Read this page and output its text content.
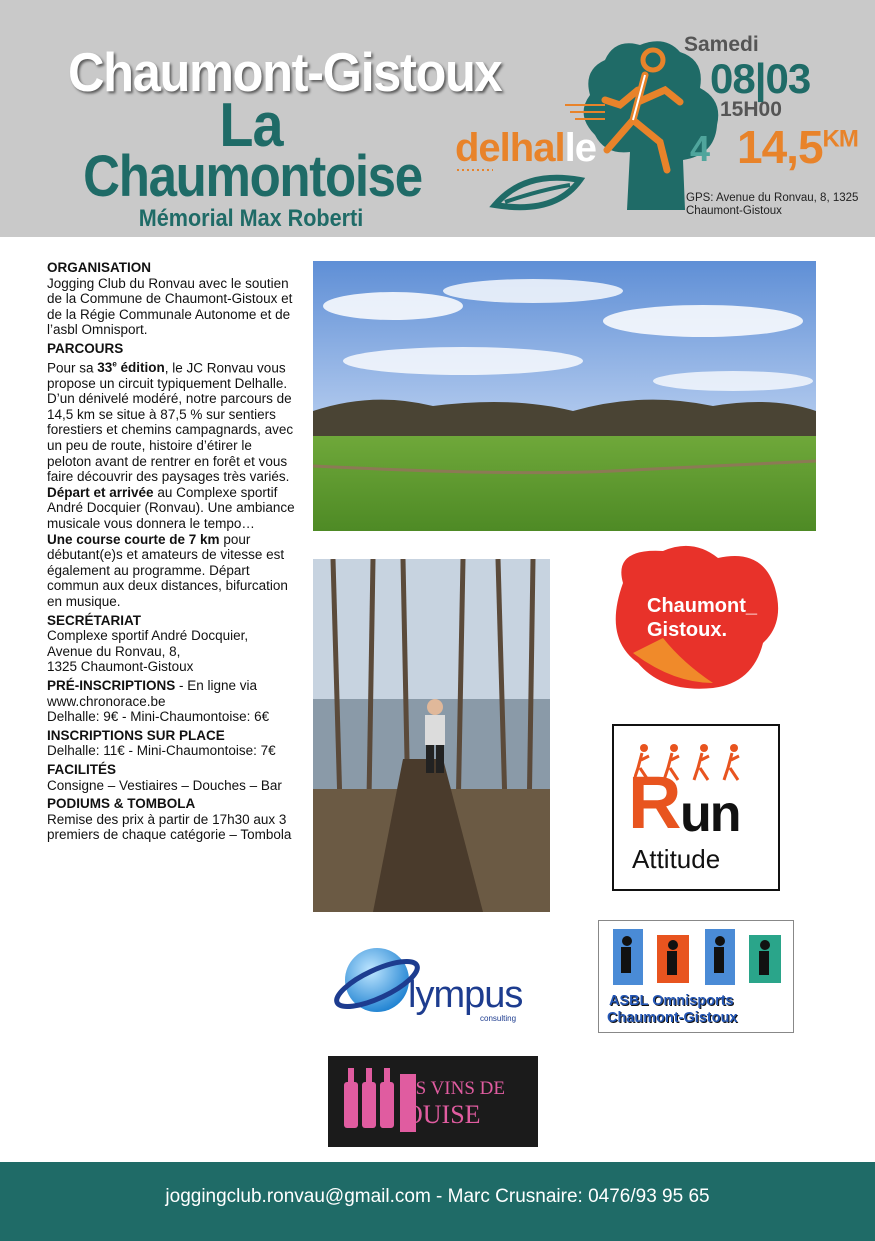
Chaumont-Gistoux
La
Chaumontoise
Mémorial Max Roberti
delhalle
Samedi
08|03
15H00
4 $14,5^{KM}$
GPS: Avenue du Ronvau, 8, 1325 Chaumont-Gistoux
ORGANISATION
Jogging Club du Ronvau avec le soutien de la Commune de Chaumont-Gistoux et de la Régie Communale Autonome et de l’asbl Omnisport.
PARCOURS
Pour sa 33e édition, le JC Ronvau vous propose un circuit typiquement Delhalle. D’un dénivelé modéré, notre parcours de 14,5 km se situe à 87,5 % sur sentiers forestiers et chemins campagnards, avec un peu de route, histoire d’étirer le peloton avant de rentrer en forêt et vous faire découvrir des paysages très variés.
Départ et arrivée au Complexe sportif André Docquier (Ronvau). Une ambiance musicale vous donnera le tempo…
Une course courte de 7 km pour débutant(e)s et amateurs de vitesse est également au programme. Départ commun aux deux distances, bifurcation en musique.
SECRÉTARIAT
Complexe sportif André Docquier,
Avenue du Ronvau, 8,
1325 Chaumont-Gistoux
PRÉ-INSCRIPTIONS - En ligne via
www.chronorace.be
Delhalle: 9€ - Mini-Chaumontoise: 6€
INSCRIPTIONS SUR PLACE
Delhalle: 11€ - Mini-Chaumontoise: 7€
FACILITÉS
Consigne – Vestiaires – Douches – Bar
PODIUMS & TOMBOLA
Remise des prix à partir de 17h30 aux 3 premiers de chaque catégorie – Tombola
Chaumont_
Gistoux.
R
un
Attitude
ASBL Omnisports
Chaumont-Gistoux
lympus
consulting
ES VINS DE
OUISE
joggingclub.ronvau@gmail.com - Marc Crusnaire: 0476/93 95 65
